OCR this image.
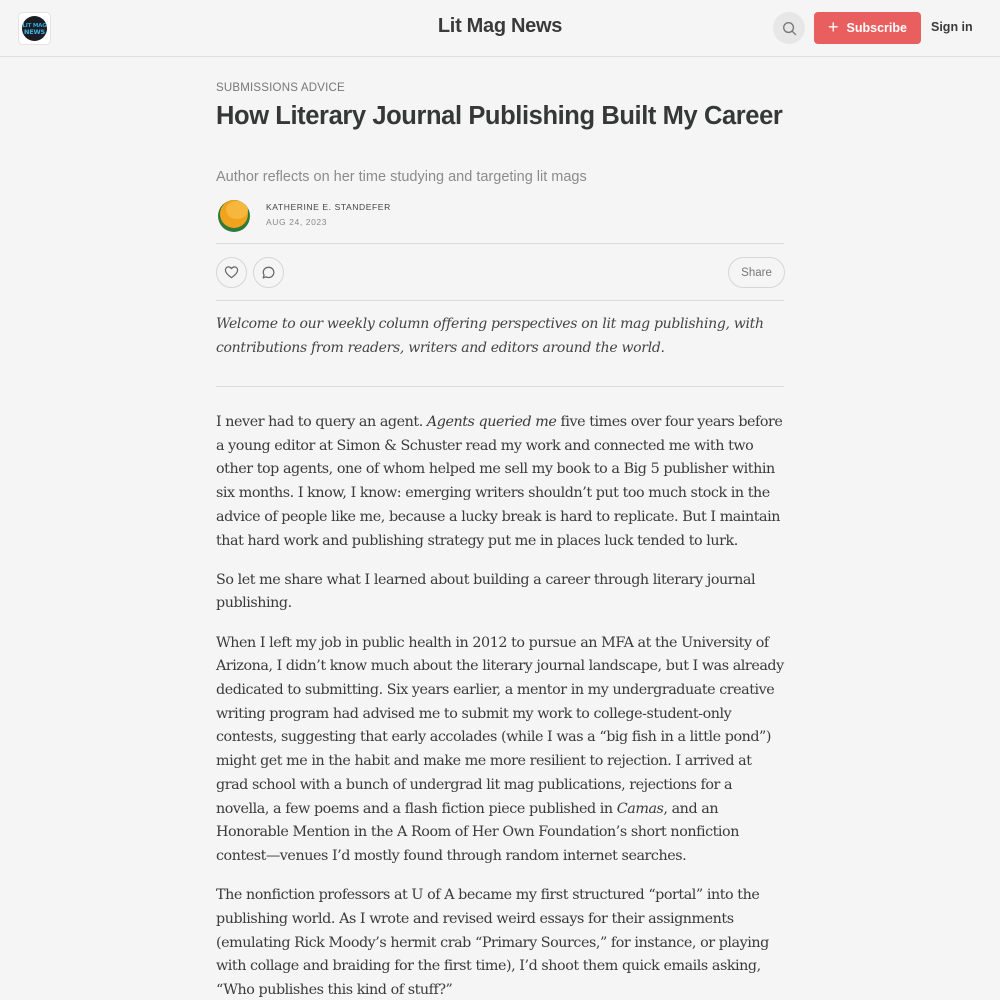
LIT MAG
NEWS	Lit Mag News	+ Subscribe Sign in
SUBMISSIONS ADVICE
How Literary Journal Publishing Built My Career
Author reflects on her time studying and targeting lit mags
KATHERINE E. STANDEFER
AUG 24, 2023
Share
Welcome to our weekly column offering perspectives on lit mag publishing, with contributions from readers, writers and editors around the world.

I never had to query an agent. Agents queried me five times over four years before a young editor at Simon & Schuster read my work and connected me with two other top agents, one of whom helped me sell my book to a Big 5 publisher within six months. I know, I know: emerging writers shouldn’t put too much stock in the advice of people like me, because a lucky break is hard to replicate. But I maintain that hard work and publishing strategy put me in places luck tended to lurk.

So let me share what I learned about building a career through literary journal publishing.

When I left my job in public health in 2012 to pursue an MFA at the University of Arizona, I didn’t know much about the literary journal landscape, but I was already dedicated to submitting. Six years earlier, a mentor in my undergraduate creative writing program had advised me to submit my work to college-student-only contests, suggesting that early accolades (while I was a “big fish in a little pond”) might get me in the habit and make me more resilient to rejection. I arrived at grad school with a bunch of undergrad lit mag publications, rejections for a novella, a few poems and a flash fiction piece published in Camas, and an Honorable Mention in the A Room of Her Own Foundation’s short nonfiction contest—venues I’d mostly found through random internet searches.

The nonfiction professors at U of A became my first structured “portal” into the publishing world. As I wrote and revised weird essays for their assignments (emulating Rick Moody’s hermit crab “Primary Sources,” for instance, or playing with collage and braiding for the first time), I’d shoot them quick emails asking, “Who publishes this kind of stuff?”
